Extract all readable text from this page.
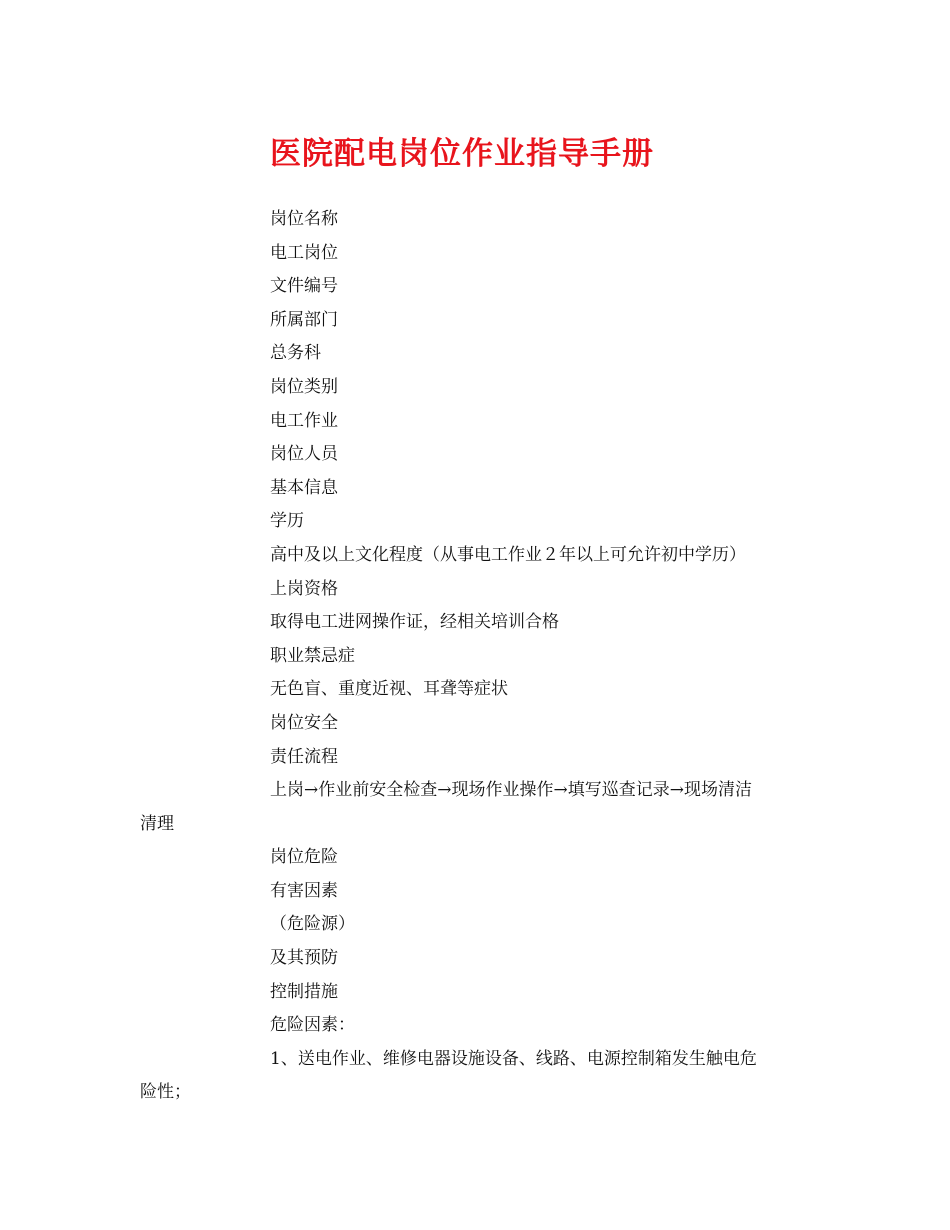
医院配电岗位作业指导手册

岗位名称

电工岗位

文件编号

所属部门

总务科

岗位类别

电工作业

岗位人员

基本信息

学历

高中及以上文化程度（从事电工作业２年以上可允许初中学历）

上岗资格

取得电工进网操作证，经相关培训合格

职业禁忌症

无色盲、重度近视、耳聋等症状

岗位安全

责任流程

上岗→作业前安全检查→现场作业操作→填写巡查记录→现场清洁

清理

岗位危险

有害因素

（危险源）

及其预防

控制措施

危险因素：

1、送电作业、维修电器设施设备、线路、电源控制箱发生触电危

险性；
